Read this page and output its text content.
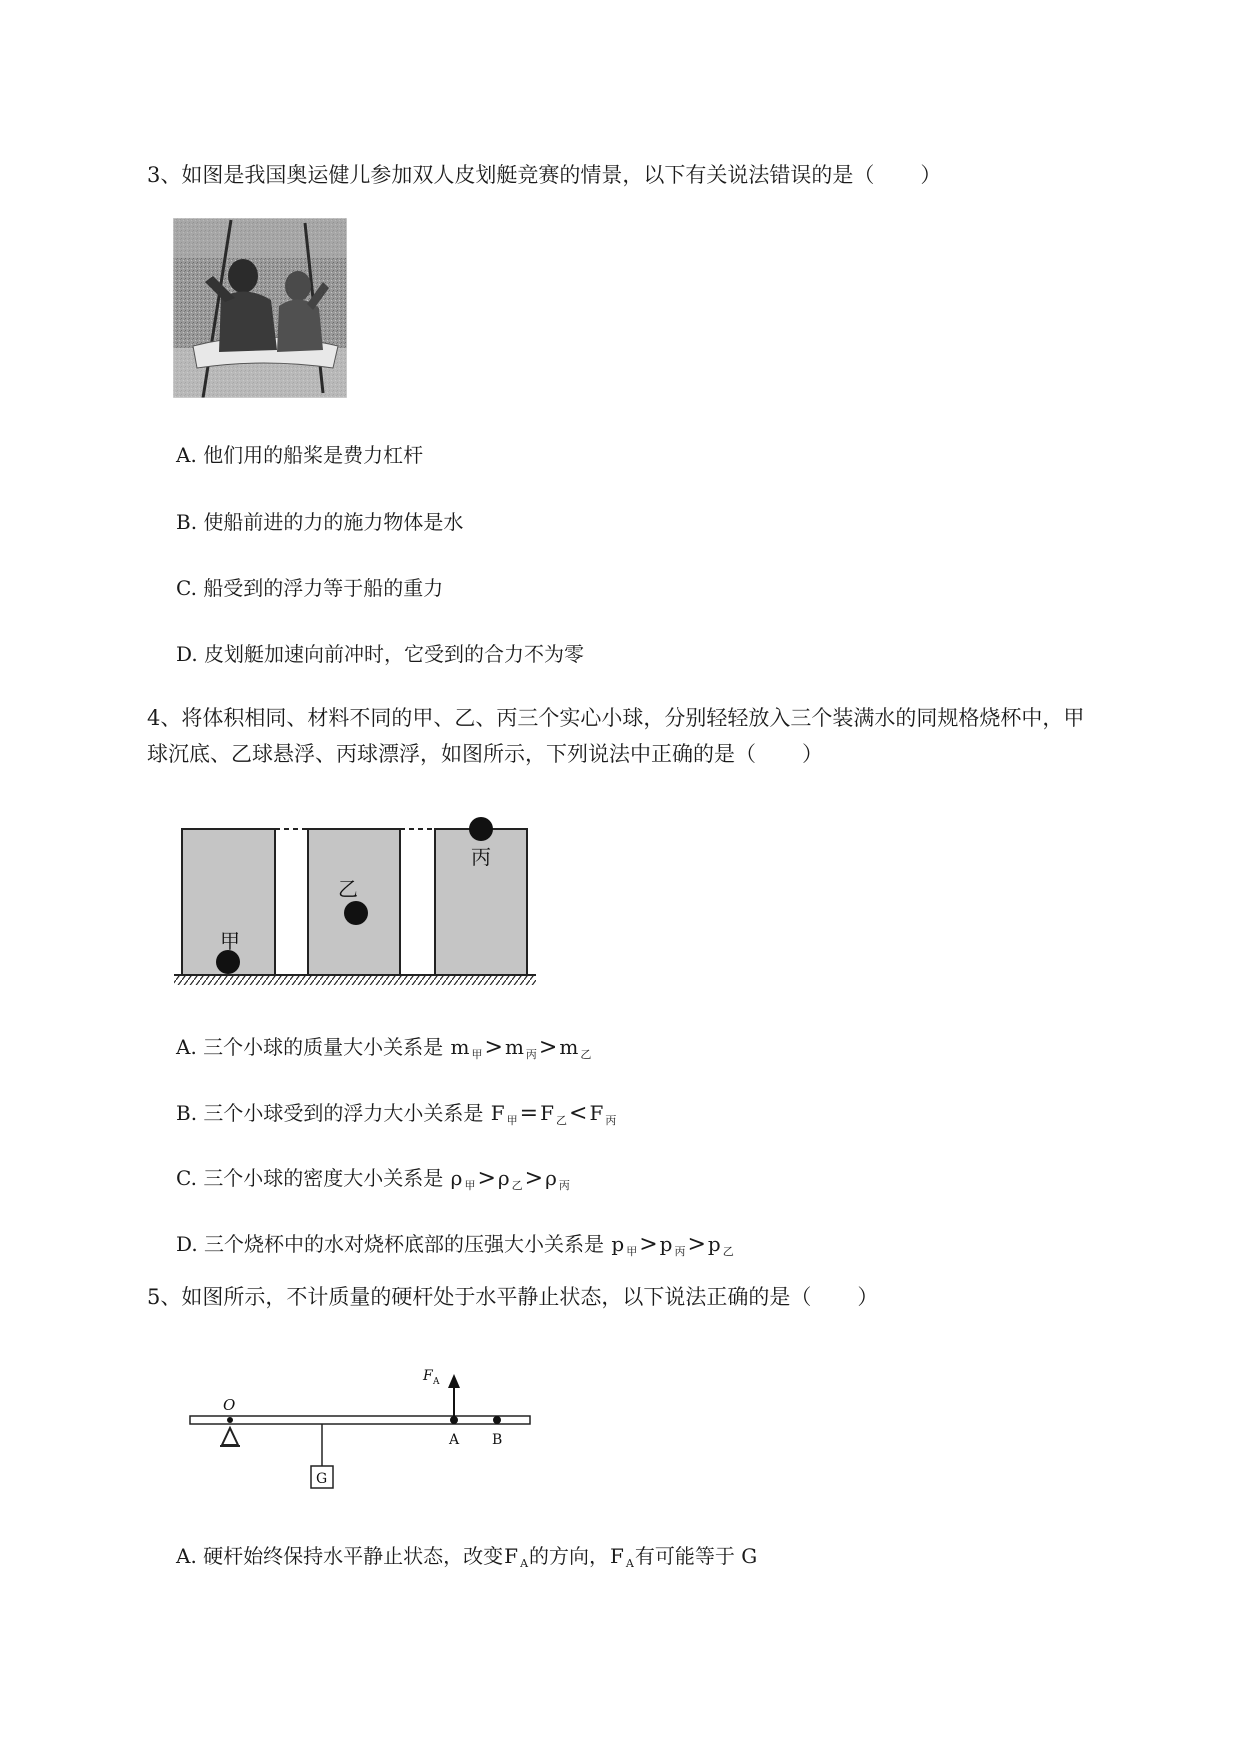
3、如图是我国奥运健儿参加双人皮划艇竞赛的情景，以下有关说法错误的是（ ）
A. 他们用的船桨是费力杠杆
B. 使船前进的力的施力物体是水
C. 船受到的浮力等于船的重力
D. 皮划艇加速向前冲时，它受到的合力不为零
4、将体积相同、材料不同的甲、乙、丙三个实心小球，分别轻轻放入三个装满水的同规格烧杯中，甲
球沉底、乙球悬浮、丙球漂浮，如图所示，下列说法中正确的是（ ）
甲
乙
丙
A. 三个小球的质量大小关系是 m $_甲$> m $_丙$> m $_乙$
B. 三个小球受到的浮力大小关系是 F $_甲$= F $_乙$< F $_丙$
C. 三个小球的密度大小关系是 ρ $_甲$> ρ $_乙$> ρ $_丙$
D. 三个烧杯中的水对烧杯底部的压强大小关系是 p $_甲$> p $_丙$> p $_乙$
5、如图所示，不计质量的硬杆处于水平静止状态，以下说法正确的是（ ）
O
G
F A
A B
A. 硬杆始终保持水平静止状态，改变F $_A$的方向，F $_A$有可能等于 G
